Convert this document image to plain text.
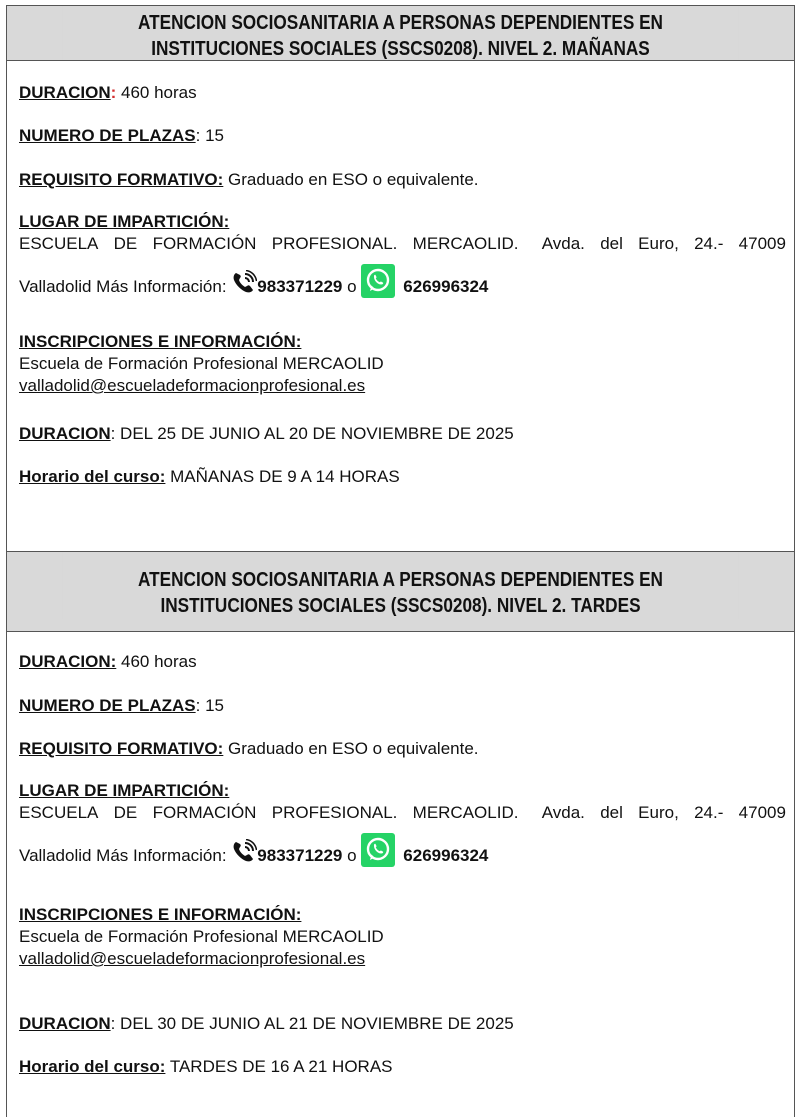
ATENCION SOCIOSANITARIA A PERSONAS DEPENDIENTES EN
INSTITUCIONES SOCIALES (SSCS0208). NIVEL 2. MAÑANAS
DURACION: 460 horas
NUMERO DE PLAZAS: 15
REQUISITO FORMATIVO: Graduado en ESO o equivalente.
LUGAR DE IMPARTICIÓN:
ESCUELA DE FORMACIÓN PROFESIONAL. MERCAOLID. Avda. del Euro, 24.- 47009
Valladolid Más Información: 983371229 o 626996324
INSCRIPCIONES E INFORMACIÓN:
Escuela de Formación Profesional MERCAOLID
valladolid@escueladeformacionprofesional.es
DURACION: DEL 25 DE JUNIO AL 20 DE NOVIEMBRE DE 2025
Horario del curso: MAÑANAS DE 9 A 14 HORAS
ATENCION SOCIOSANITARIA A PERSONAS DEPENDIENTES EN
INSTITUCIONES SOCIALES (SSCS0208). NIVEL 2. TARDES
DURACION: 460 horas
NUMERO DE PLAZAS: 15
REQUISITO FORMATIVO: Graduado en ESO o equivalente.
LUGAR DE IMPARTICIÓN:
ESCUELA DE FORMACIÓN PROFESIONAL. MERCAOLID. Avda. del Euro, 24.- 47009
Valladolid Más Información: 983371229 o 626996324
INSCRIPCIONES E INFORMACIÓN:
Escuela de Formación Profesional MERCAOLID
valladolid@escueladeformacionprofesional.es
DURACION: DEL 30 DE JUNIO AL 21 DE NOVIEMBRE DE 2025
Horario del curso: TARDES DE 16 A 21 HORAS
